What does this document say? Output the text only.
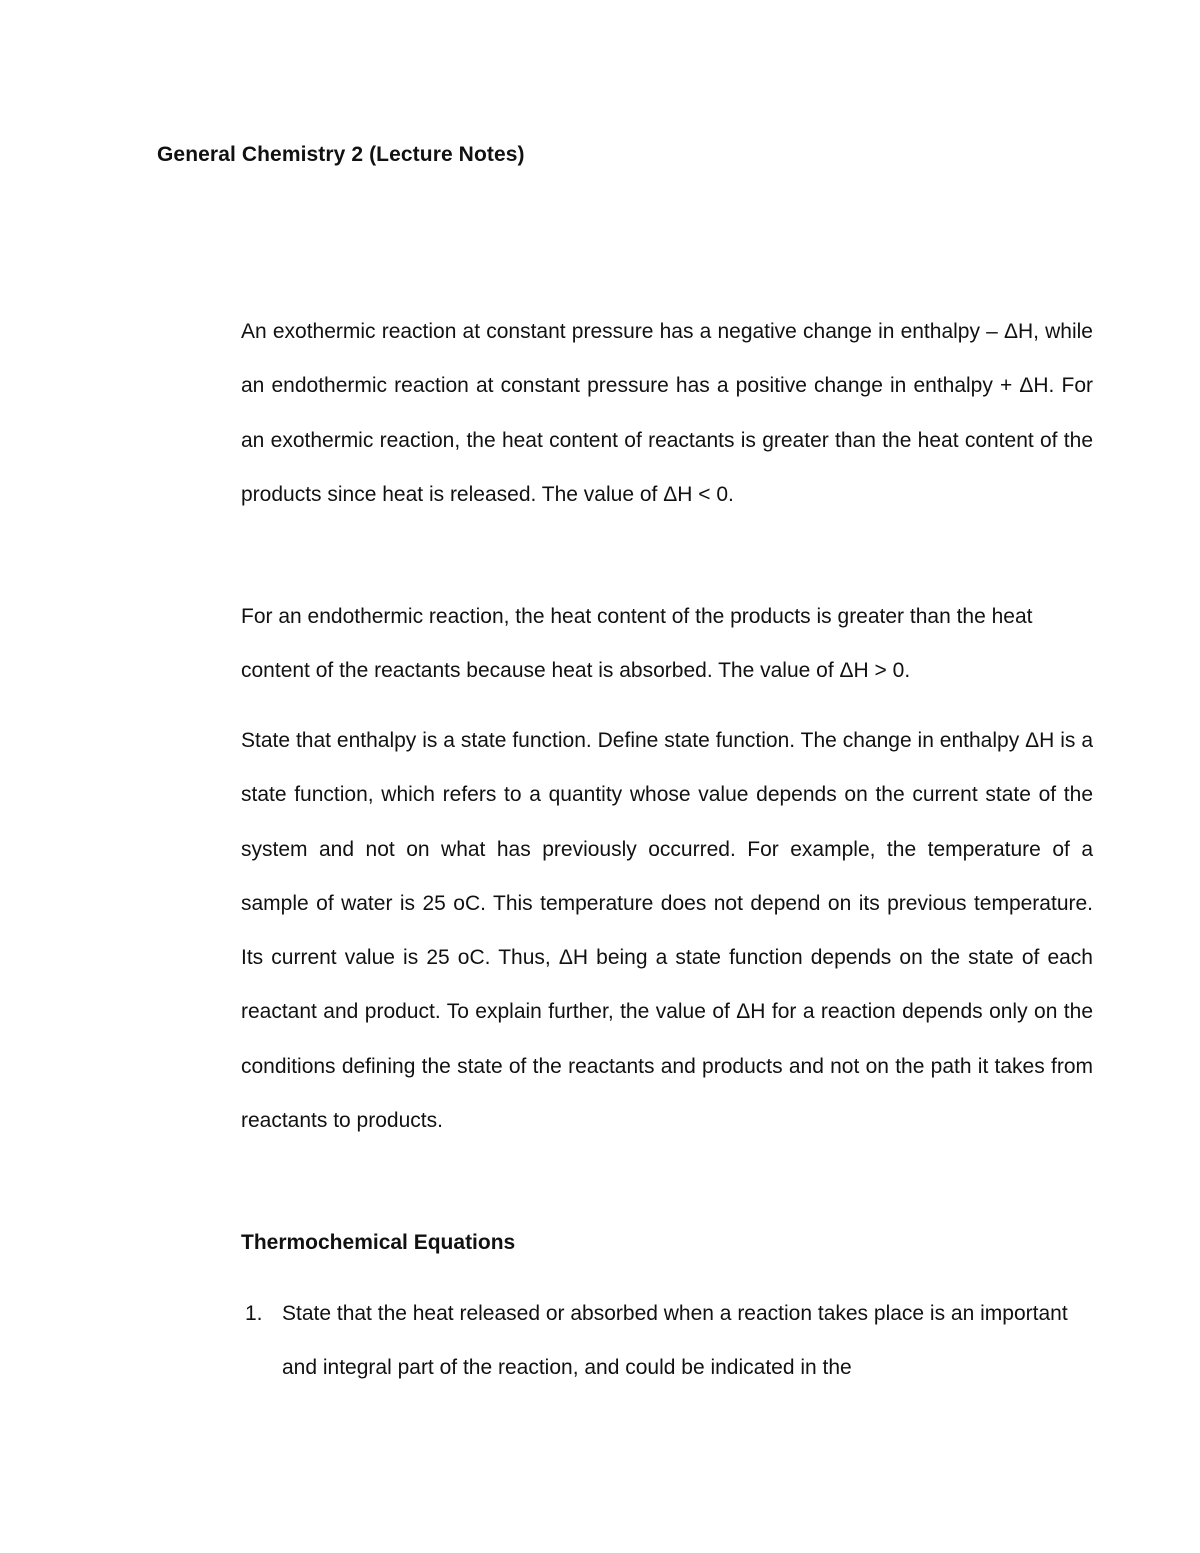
General Chemistry 2 (Lecture Notes)

An exothermic reaction at constant pressure has a negative change in enthalpy – ΔH, while an endothermic reaction at constant pressure has a positive change in enthalpy + ΔH. For an exothermic reaction, the heat content of reactants is greater than the heat content of the products since heat is released. The value of ΔH < 0.

For an endothermic reaction, the heat content of the products is greater than the heat content of the reactants because heat is absorbed. The value of ΔH > 0.

State that enthalpy is a state function. Define state function. The change in enthalpy ΔH is a state function, which refers to a quantity whose value depends on the current state of the system and not on what has previously occurred. For example, the temperature of a sample of water is 25 oC. This temperature does not depend on its previous temperature. Its current value is 25 oC. Thus, ΔH being a state function depends on the state of each reactant and product. To explain further, the value of ΔH for a reaction depends only on the conditions defining the state of the reactants and products and not on the path it takes from reactants to products.

Thermochemical Equations
1. State that the heat released or absorbed when a reaction takes place is an important and integral part of the reaction, and could be indicated in the
